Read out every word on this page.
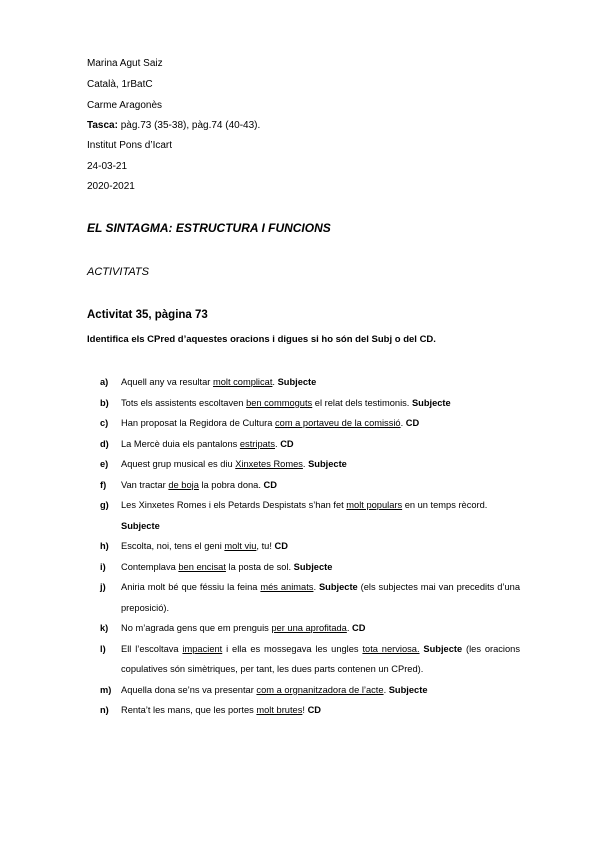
Marina Agut Saiz
Català, 1rBatC
Carme Aragonès
Tasca: pàg.73 (35-38), pàg.74 (40-43).
Institut Pons d’Icart
24-03-21
2020-2021
EL SINTAGMA: ESTRUCTURA I FUNCIONS
ACTIVITATS
Activitat 35, pàgina 73
Identifica els CPred d’aquestes oracions i digues si ho són del Subj o del CD.
a) Aquell any va resultar molt complicat. Subjecte
b) Tots els assistents escoltaven ben commoguts el relat dels testimonis. Subjecte
c) Han proposat la Regidora de Cultura com a portaveu de la comissió. CD
d) La Mercè duia els pantalons estripats. CD
e) Aquest grup musical es diu Xinxetes Romes. Subjecte
f) Van tractar de boja la pobra dona. CD
g) Les Xinxetes Romes i els Petards Despistats s’han fet molt populars en un temps rècord. Subjecte
h) Escolta, noi, tens el geni molt viu, tu! CD
i) Contemplava ben encisat la posta de sol. Subjecte
j) Aniria molt bé que féssiu la feina més animats. Subjecte (els subjectes mai van precedits d’una preposició).
k) No m’agrada gens que em prenguis per una aprofitada. CD
l) Ell l’escoltava impacient i ella es mossegava les ungles tota nerviosa. Subjecte (les oracions copulatives són simètriques, per tant, les dues parts contenen un CPred).
m) Aquella dona se’ns va presentar com a orgnanitzadora de l’acte. Subjecte
n) Renta’t les mans, que les portes molt brutes! CD
